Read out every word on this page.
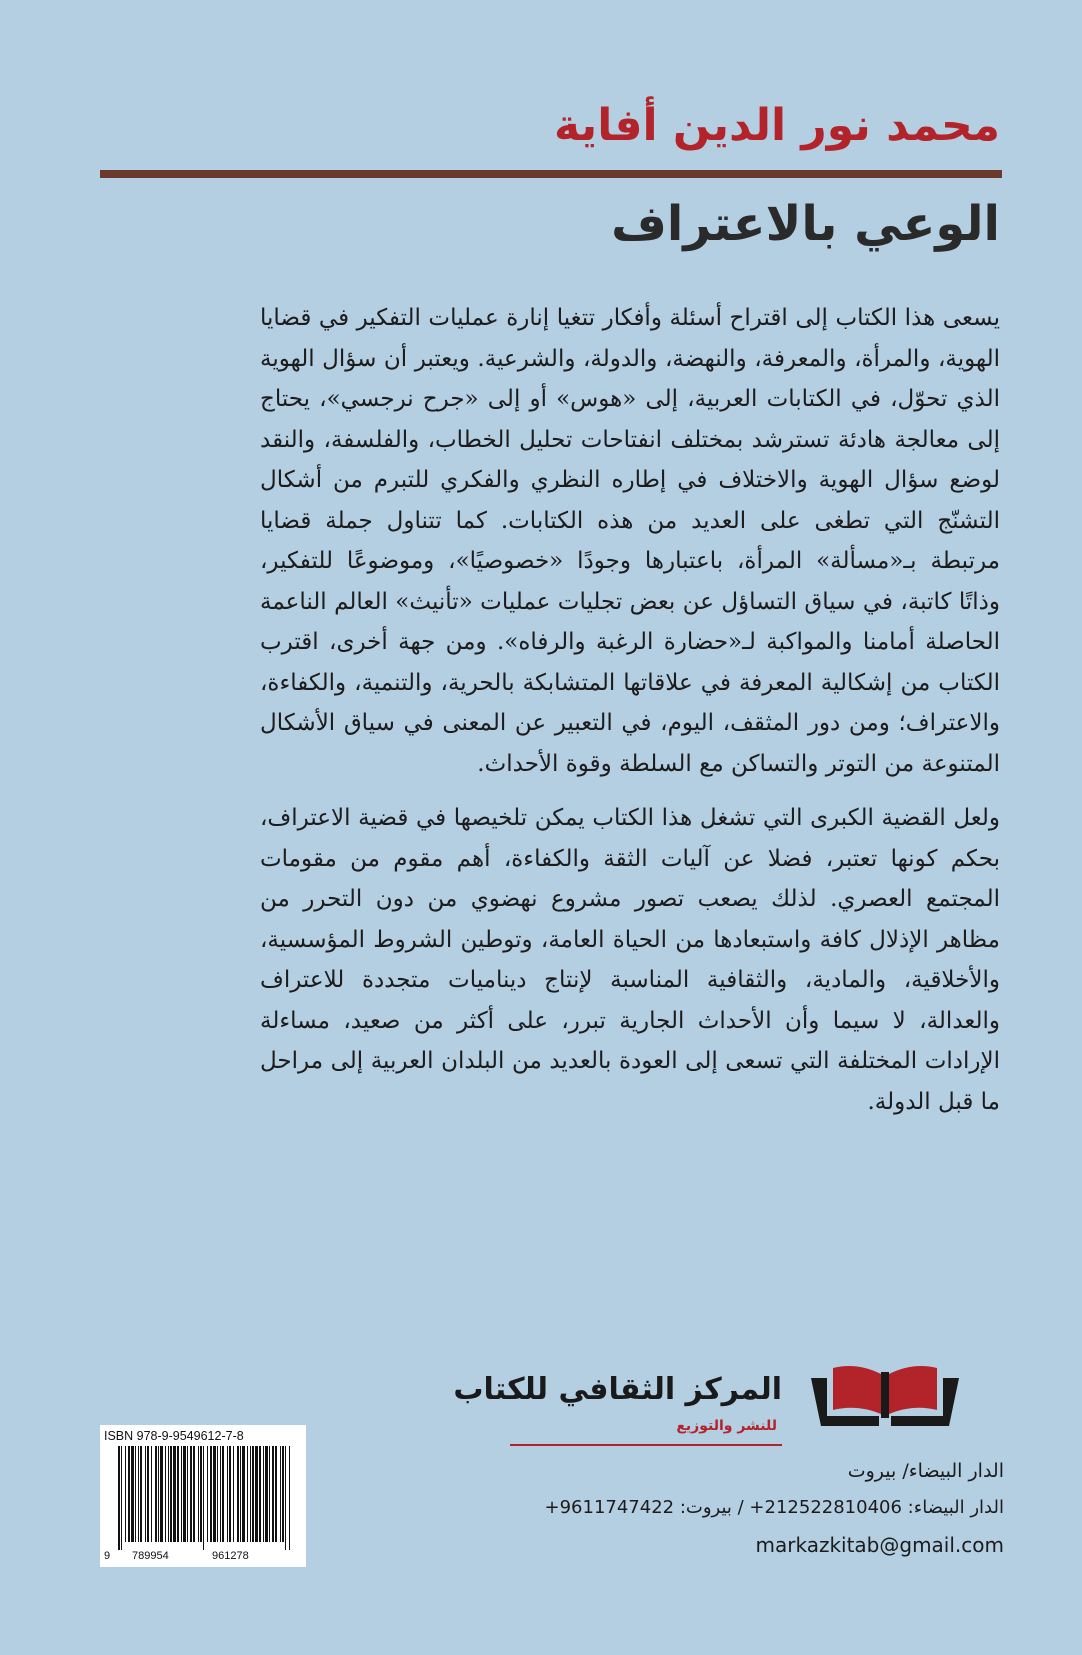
محمد نور الدين أفاية
الوعي بالاعتراف

يسعى هذا الكتاب إلى اقتراح أسئلة وأفكار تتغيا إنارة عمليات التفكير في قضايا الهوية، والمرأة، والمعرفة، والنهضة، والدولة، والشرعية. ويعتبر أن سؤال الهوية الذي تحوّل، في الكتابات العربية، إلى «هوس» أو إلى «جرح نرجسي»، يحتاج إلى معالجة هادئة تسترشد بمختلف انفتاحات تحليل الخطاب، والفلسفة، والنقد لوضع سؤال الهوية والاختلاف في إطاره النظري والفكري للتبرم من أشكال التشنّج التي تطغى على العديد من هذه الكتابات. كما تتناول جملة قضايا مرتبطة بـ«مسألة» المرأة، باعتبارها وجودًا «خصوصيًا»، وموضوعًا للتفكير، وذاتًا كاتبة، في سياق التساؤل عن بعض تجليات عمليات «تأنيث» العالم الناعمة الحاصلة أمامنا والمواكبة لـ«حضارة الرغبة والرفاه». ومن جهة أخرى، اقترب الكتاب من إشكالية المعرفة في علاقاتها المتشابكة بالحرية، والتنمية، والكفاءة، والاعتراف؛ ومن دور المثقف، اليوم، في التعبير عن المعنى في سياق الأشكال المتنوعة من التوتر والتساكن مع السلطة وقوة الأحداث.

ولعل القضية الكبرى التي تشغل هذا الكتاب يمكن تلخيصها في قضية الاعتراف، بحكم كونها تعتبر، فضلا عن آليات الثقة والكفاءة، أهم مقوم من مقومات المجتمع العصري. لذلك يصعب تصور مشروع نهضوي من دون التحرر من مظاهر الإذلال كافة واستبعادها من الحياة العامة، وتوطين الشروط المؤسسية، والأخلاقية، والمادية، والثقافية المناسبة لإنتاج ديناميات متجددة للاعتراف والعدالة، لا سيما وأن الأحداث الجارية تبرر، على أكثر من صعيد، مساءلة الإرادات المختلفة التي تسعى إلى العودة بالعديد من البلدان العربية إلى مراحل ما قبل الدولة.

المركز الثقافي للكتاب
للنشر والتوزيع
الدار البيضاء/ بيروت
الدار البيضاء: 212522810406+ / بيروت: 9611747422+
markazkitab@gmail.com
ISBN 978-9-9549612-7-8
9 789954	961278
